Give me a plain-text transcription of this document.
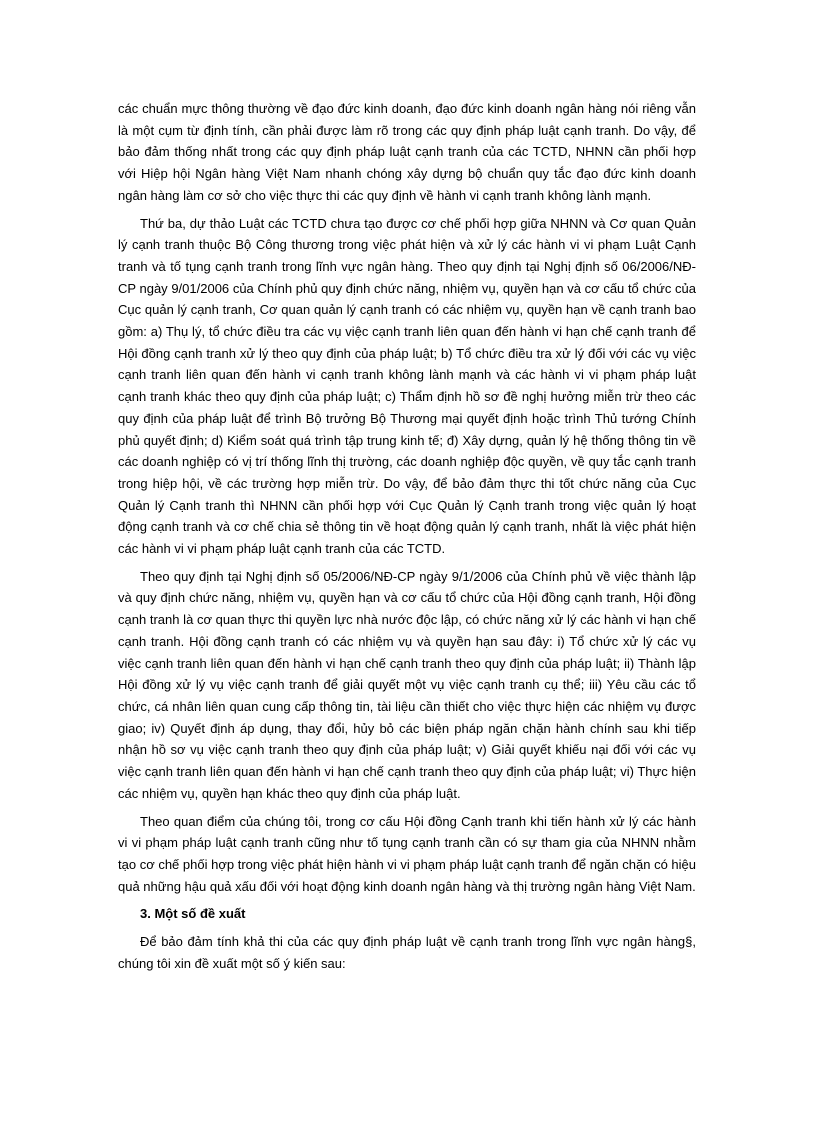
các chuẩn mực thông thường về đạo đức kinh doanh, đạo đức kinh doanh ngân hàng nói riêng vẫn là một cụm từ định tính, cần phải được làm rõ trong các quy định pháp luật cạnh tranh. Do vậy, để bảo đảm thống nhất trong các quy định pháp luật cạnh tranh của các TCTD, NHNN cần phối hợp với Hiệp hội Ngân hàng Việt Nam nhanh chóng xây dựng bộ chuẩn quy tắc đạo đức kinh doanh ngân hàng làm cơ sở cho việc thực thi các quy định về hành vi cạnh tranh không lành mạnh.

Thứ ba, dự thảo Luật các TCTD chưa tạo được cơ chế phối hợp giữa NHNN và Cơ quan Quản lý cạnh tranh thuộc Bộ Công thương trong việc phát hiện và xử lý các hành vi vi phạm Luật Cạnh tranh và tố tụng cạnh tranh trong lĩnh vực ngân hàng. Theo quy định tại Nghị định số 06/2006/NĐ-CP ngày 9/01/2006 của Chính phủ quy định chức năng, nhiệm vụ, quyền hạn và cơ cấu tổ chức của Cục quản lý cạnh tranh, Cơ quan quản lý cạnh tranh có các nhiệm vụ, quyền hạn về cạnh tranh bao gồm: a) Thụ lý, tổ chức điều tra các vụ việc cạnh tranh liên quan đến hành vi hạn chế cạnh tranh để Hội đồng cạnh tranh xử lý theo quy định của pháp luật; b) Tổ chức điều tra xử lý đối với các vụ việc cạnh tranh liên quan đến hành vi cạnh tranh không lành mạnh và các hành vi vi phạm pháp luật cạnh tranh khác theo quy định của pháp luật; c) Thẩm định hồ sơ đề nghị hưởng miễn trừ theo các quy định của pháp luật để trình Bộ trưởng Bộ Thương mại quyết định hoặc trình Thủ tướng Chính phủ quyết định; d) Kiểm soát quá trình tập trung kinh tế; đ) Xây dựng, quản lý hệ thống thông tin về các doanh nghiệp có vị trí thống lĩnh thị trường, các doanh nghiệp độc quyền, về quy tắc cạnh tranh trong hiệp hội, về các trường hợp miễn trừ. Do vậy, để bảo đảm thực thi tốt chức năng của Cục Quản lý Cạnh tranh thì NHNN cần phối hợp với Cục Quản lý Cạnh tranh trong việc quản lý hoạt động cạnh tranh và cơ chế chia sẻ thông tin về hoạt động quản lý cạnh tranh, nhất là việc phát hiện các hành vi vi phạm pháp luật cạnh tranh của các TCTD.

Theo quy định tại Nghị định số 05/2006/NĐ-CP ngày 9/1/2006 của Chính phủ về việc thành lập và quy định chức năng, nhiệm vụ, quyền hạn và cơ cấu tổ chức của Hội đồng cạnh tranh, Hội đồng cạnh tranh là cơ quan thực thi quyền lực nhà nước độc lập, có chức năng xử lý các hành vi hạn chế cạnh tranh. Hội đồng cạnh tranh có các nhiệm vụ và quyền hạn sau đây: i) Tổ chức xử lý các vụ việc cạnh tranh liên quan đến hành vi hạn chế cạnh tranh theo quy định của pháp luật; ii) Thành lập Hội đồng xử lý vụ việc cạnh tranh để giải quyết một vụ việc cạnh tranh cụ thể; iii) Yêu cầu các tổ chức, cá nhân liên quan cung cấp thông tin, tài liệu cần thiết cho việc thực hiện các nhiệm vụ được giao; iv) Quyết định áp dụng, thay đổi, hủy bỏ các biện pháp ngăn chặn hành chính sau khi tiếp nhận hồ sơ vụ việc cạnh tranh theo quy định của pháp luật; v) Giải quyết khiếu nại đối với các vụ việc cạnh tranh liên quan đến hành vi hạn chế cạnh tranh theo quy định của pháp luật; vi) Thực hiện các nhiệm vụ, quyền hạn khác theo quy định của pháp luật.

Theo quan điểm của chúng tôi, trong cơ cấu Hội đồng Cạnh tranh khi tiến hành xử lý các hành vi vi phạm pháp luật cạnh tranh cũng như tố tụng cạnh tranh cần có sự tham gia của NHNN nhằm tạo cơ chế phối hợp trong việc phát hiện hành vi vi phạm pháp luật cạnh tranh để ngăn chặn có hiệu quả những hậu quả xấu đối với hoạt động kinh doanh ngân hàng và thị trường ngân hàng Việt Nam.

3. Một số đề xuất

Để bảo đảm tính khả thi của các quy định pháp luật về cạnh tranh trong lĩnh vực ngân hàng§, chúng tôi xin đề xuất một số ý kiến sau:
